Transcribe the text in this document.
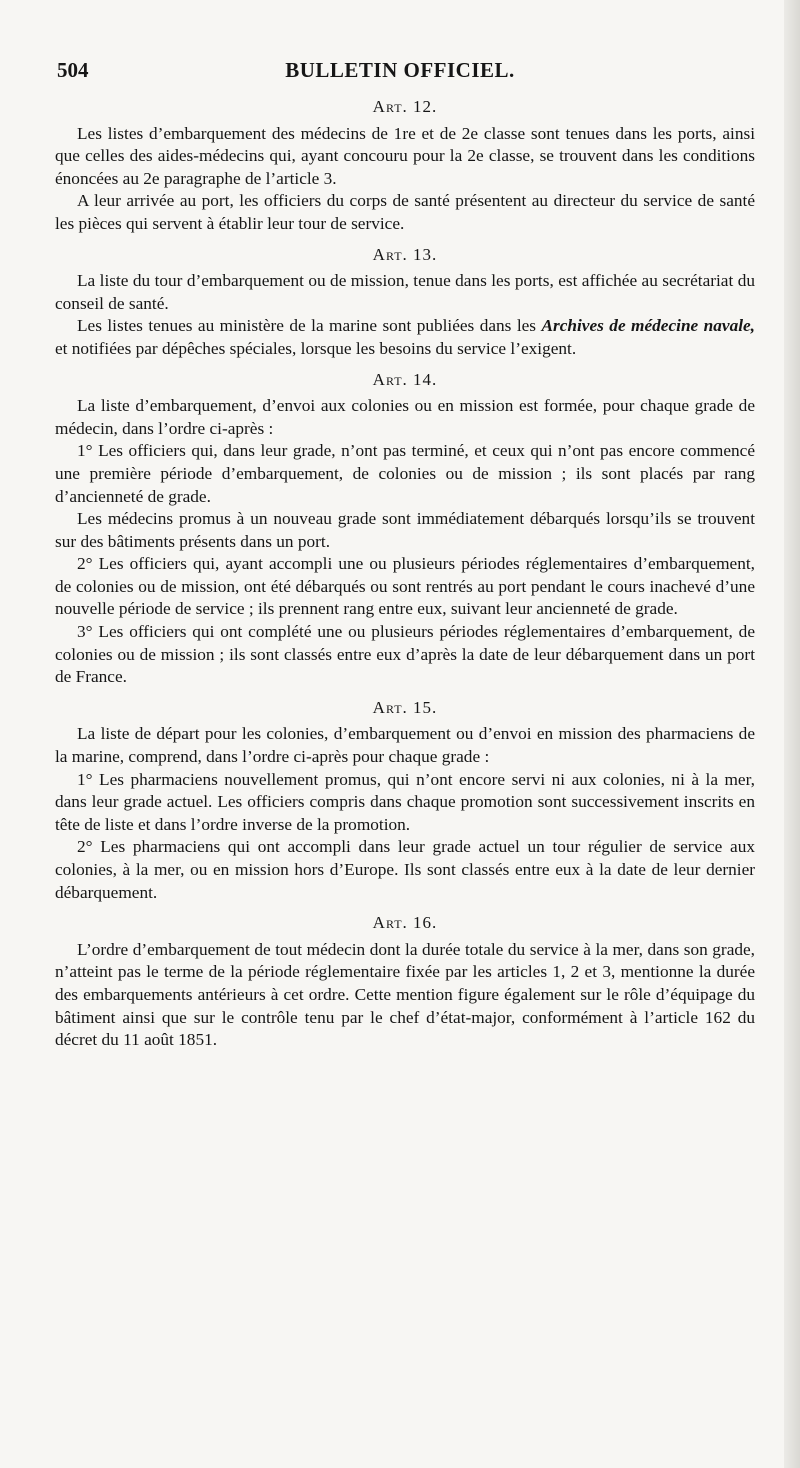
504	BULLETIN OFFICIEL.
Art. 12.

Les listes d’embarquement des médecins de 1re et de 2e classe sont tenues dans les ports, ainsi que celles des aides-médecins qui, ayant concouru pour la 2e classe, se trouvent dans les conditions énoncées au 2e paragraphe de l’article 3.

A leur arrivée au port, les officiers du corps de santé présentent au directeur du service de santé les pièces qui servent à établir leur tour de service.

Art. 13.

La liste du tour d’embarquement ou de mission, tenue dans les ports, est affichée au secrétariat du conseil de santé.

Les listes tenues au ministère de la marine sont publiées dans les Archives de médecine navale, et notifiées par dépêches spéciales, lorsque les besoins du service l’exigent.

Art. 14.

La liste d’embarquement, d’envoi aux colonies ou en mission est formée, pour chaque grade de médecin, dans l’ordre ci-après :

1° Les officiers qui, dans leur grade, n’ont pas terminé, et ceux qui n’ont pas encore commencé une première période d’embarquement, de colonies ou de mission ; ils sont placés par rang d’ancienneté de grade.

Les médecins promus à un nouveau grade sont immédiatement débarqués lorsqu’ils se trouvent sur des bâtiments présents dans un port.

2° Les officiers qui, ayant accompli une ou plusieurs périodes réglementaires d’embarquement, de colonies ou de mission, ont été débarqués ou sont rentrés au port pendant le cours inachevé d’une nouvelle période de service ; ils prennent rang entre eux, suivant leur ancienneté de grade.

3° Les officiers qui ont complété une ou plusieurs périodes réglementaires d’embarquement, de colonies ou de mission ; ils sont classés entre eux d’après la date de leur débarquement dans un port de France.

Art. 15.

La liste de départ pour les colonies, d’embarquement ou d’envoi en mission des pharmaciens de la marine, comprend, dans l’ordre ci-après pour chaque grade :

1° Les pharmaciens nouvellement promus, qui n’ont encore servi ni aux colonies, ni à la mer, dans leur grade actuel. Les officiers compris dans chaque promotion sont successivement inscrits en tête de liste et dans l’ordre inverse de la promotion.

2° Les pharmaciens qui ont accompli dans leur grade actuel un tour régulier de service aux colonies, à la mer, ou en mission hors d’Europe. Ils sont classés entre eux à la date de leur dernier débarquement.

Art. 16.

L’ordre d’embarquement de tout médecin dont la durée totale du service à la mer, dans son grade, n’atteint pas le terme de la période réglementaire fixée par les articles 1, 2 et 3, mentionne la durée des embarquements antérieurs à cet ordre. Cette mention figure également sur le rôle d’équipage du bâtiment ainsi que sur le contrôle tenu par le chef d’état-major, conformément à l’article 162 du décret du 11 août 1851.
